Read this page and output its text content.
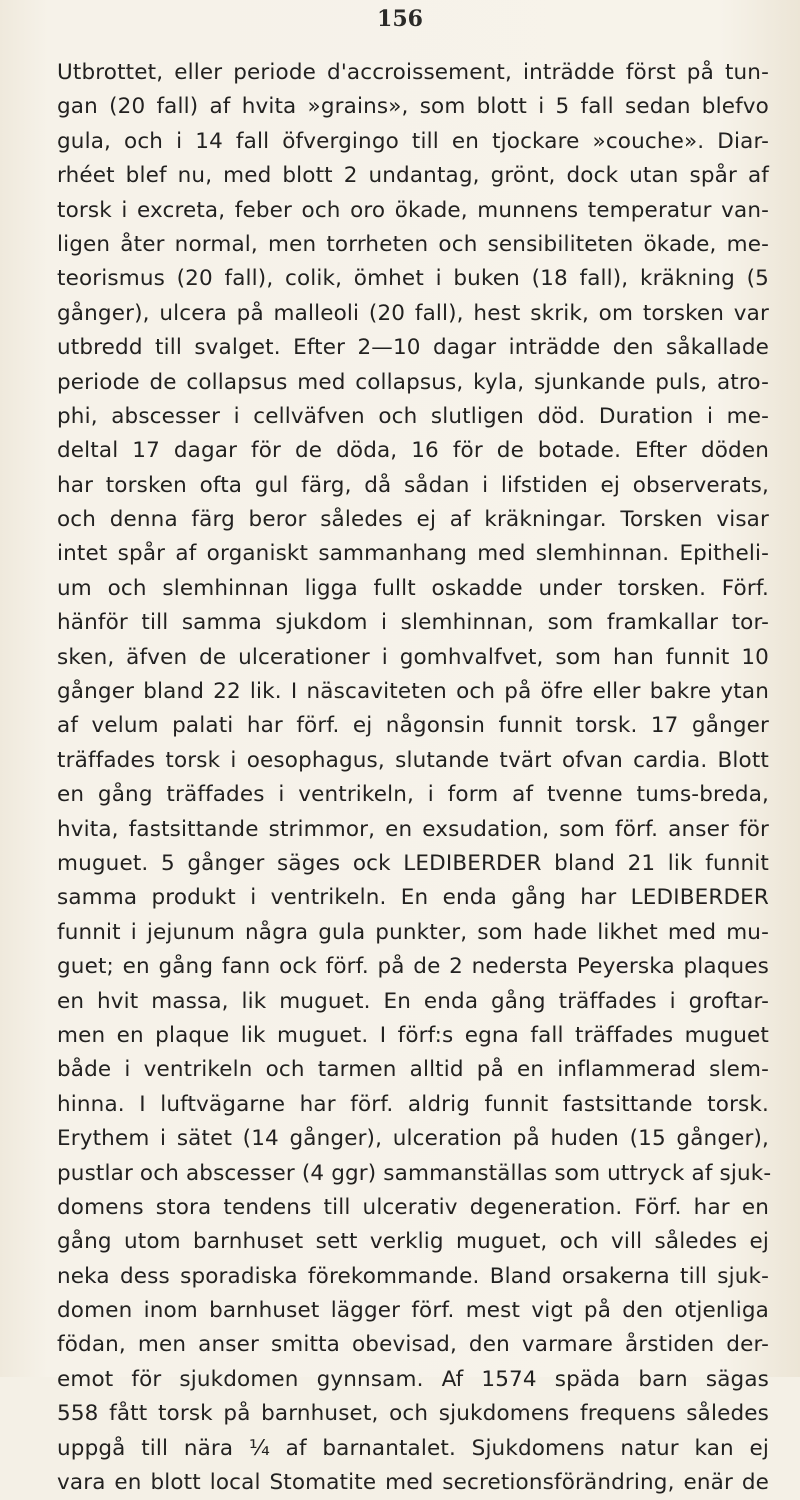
156
Utbrottet, eller periode d'accroissement, inträdde först på tun-
gan (20 fall) af hvita »grains», som blott i 5 fall sedan blefvo
gula, och i 14 fall öfvergingo till en tjockare »couche». Diar-
rhéet blef nu, med blott 2 undantag, grönt, dock utan spår af
torsk i excreta, feber och oro ökade, munnens temperatur van-
ligen åter normal, men torrheten och sensibiliteten ökade, me-
teorismus (20 fall), colik, ömhet i buken (18 fall), kräkning (5
gånger), ulcera på malleoli (20 fall), hest skrik, om torsken var
utbredd till svalget. Efter 2—10 dagar inträdde den såkallade
periode de collapsus med collapsus, kyla, sjunkande puls, atro-
phi, abscesser i cellväfven och slutligen död. Duration i me-
deltal 17 dagar för de döda, 16 för de botade. Efter döden
har torsken ofta gul färg, då sådan i lifstiden ej observerats,
och denna färg beror således ej af kräkningar. Torsken visar
intet spår af organiskt sammanhang med slemhinnan. Epitheli-
um och slemhinnan ligga fullt oskadde under torsken. Förf.
hänför till samma sjukdom i slemhinnan, som framkallar tor-
sken, äfven de ulcerationer i gomhvalfvet, som han funnit 10
gånger bland 22 lik. I näscaviteten och på öfre eller bakre ytan
af velum palati har förf. ej någonsin funnit torsk. 17 gånger
träffades torsk i oesophagus, slutande tvärt ofvan cardia. Blott
en gång träffades i ventrikeln, i form af tvenne tums-breda,
hvita, fastsittande strimmor, en exsudation, som förf. anser för
muguet. 5 gånger säges ock LEDIBERDER bland 21 lik funnit
samma produkt i ventrikeln. En enda gång har LEDIBERDER
funnit i jejunum några gula punkter, som hade likhet med mu-
guet; en gång fann ock förf. på de 2 nedersta Peyerska plaques
en hvit massa, lik muguet. En enda gång träffades i groftar-
men en plaque lik muguet. I förf:s egna fall träffades muguet
både i ventrikeln och tarmen alltid på en inflammerad slem-
hinna. I luftvägarne har förf. aldrig funnit fastsittande torsk.
Erythem i sätet (14 gånger), ulceration på huden (15 gånger),
pustlar och abscesser (4 ggr) sammanställas som uttryck af sjuk-
domens stora tendens till ulcerativ degeneration. Förf. har en
gång utom barnhuset sett verklig muguet, och vill således ej
neka dess sporadiska förekommande. Bland orsakerna till sjuk-
domen inom barnhuset lägger förf. mest vigt på den otjenliga
födan, men anser smitta obevisad, den varmare årstiden der-
emot för sjukdomen gynnsam. Af 1574 späda barn sägas
558 fått torsk på barnhuset, och sjukdomens frequens således
uppgå till nära ¼ af barnantalet. Sjukdomens natur kan ej
vara en blott local Stomatite med secretionsförändring, enär de
